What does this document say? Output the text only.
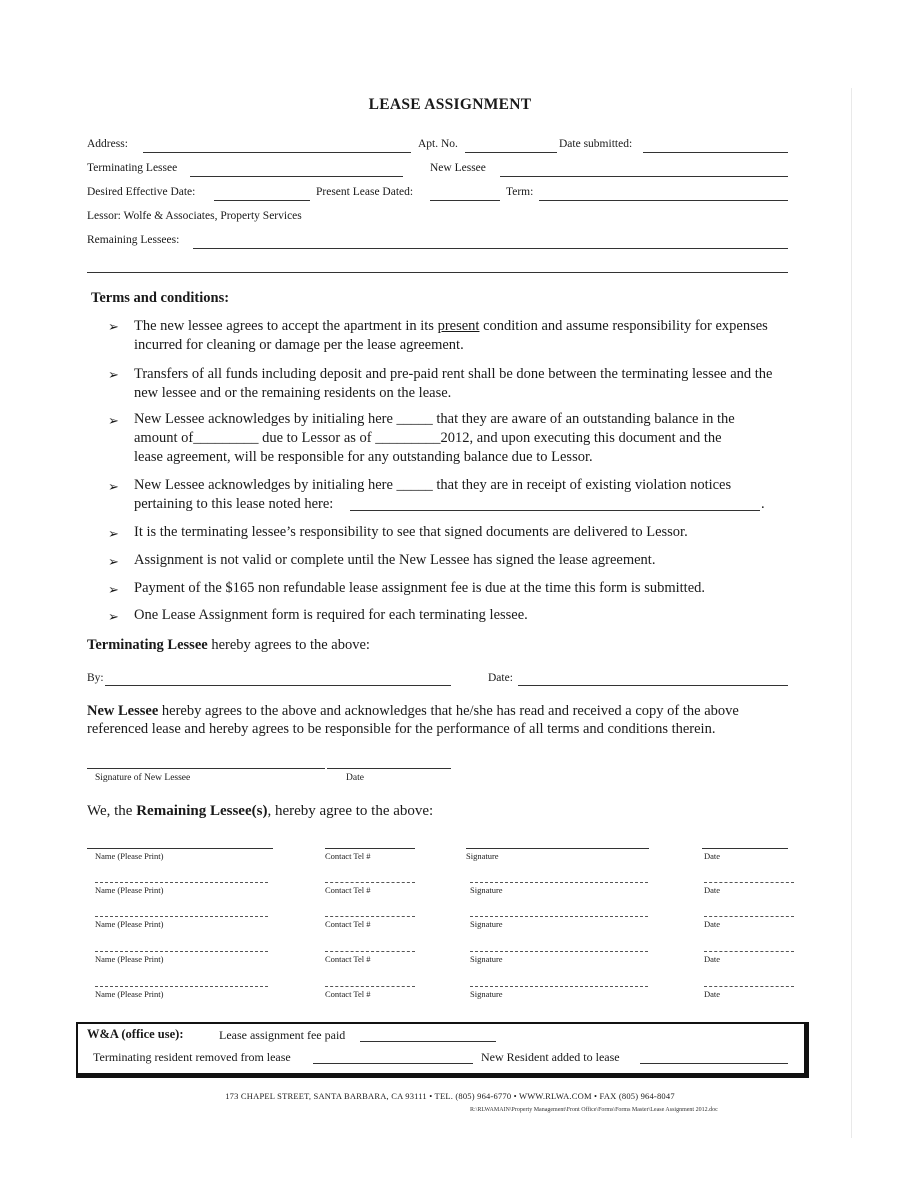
LEASE ASSIGNMENT
Address:	Apt. No.	Date submitted:
Terminating Lessee	New Lessee
Desired Effective Date:	Present Lease Dated:	Term:
Lessor: Wolfe & Associates, Property Services
Remaining Lessees:
Terms and conditions:
➢ The new lessee agrees to accept the apartment in its present condition and assume responsibility for expenses incurred for cleaning or damage per the lease agreement.
➢ Transfers of all funds including deposit and pre-paid rent shall be done between the terminating lessee and the new lessee and or the remaining residents on the lease.
➢ New Lessee acknowledges by initialing here _____ that they are aware of an outstanding balance in the
amount of_________ due to Lessor as of _________2012, and upon executing this document and the
lease agreement, will be responsible for any outstanding balance due to Lessor.
➢ New Lessee acknowledges by initialing here _____ that they are in receipt of existing violation notices
pertaining to this lease noted here:	.
➢ It is the terminating lessee’s responsibility to see that signed documents are delivered to Lessor.
➢ Assignment is not valid or complete until the New Lessee has signed the lease agreement.
➢ Payment of the $165 non refundable lease assignment fee is due at the time this form is submitted.
➢ One Lease Assignment form is required for each terminating lessee.
Terminating Lessee hereby agrees to the above:
By:	Date:
New Lessee hereby agrees to the above and acknowledges that he/she has read and received a copy of the above
referenced lease and hereby agrees to be responsible for the performance of all terms and conditions therein.
Signature of New Lessee	Date
We, the Remaining Lessee(s), hereby agree to the above:
Name (Please Print)	Contact Tel #	Signature	Date
Name (Please Print)	Contact Tel #	Signature	Date
Name (Please Print)	Contact Tel #	Signature	Date
Name (Please Print)	Contact Tel #	Signature	Date
Name (Please Print)	Contact Tel #	Signature	Date
W&A (office use):	Lease assignment fee paid
Terminating resident removed from lease	New Resident added to lease
173 CHAPEL STREET, SANTA BARBARA, CA 93111 • TEL. (805) 964-6770 • WWW.RLWA.COM • FAX (805) 964-8047
R:\RLWAMAIN\Property Management\Front Office\Forms\Forms Master\Lease Assignment 2012.doc
